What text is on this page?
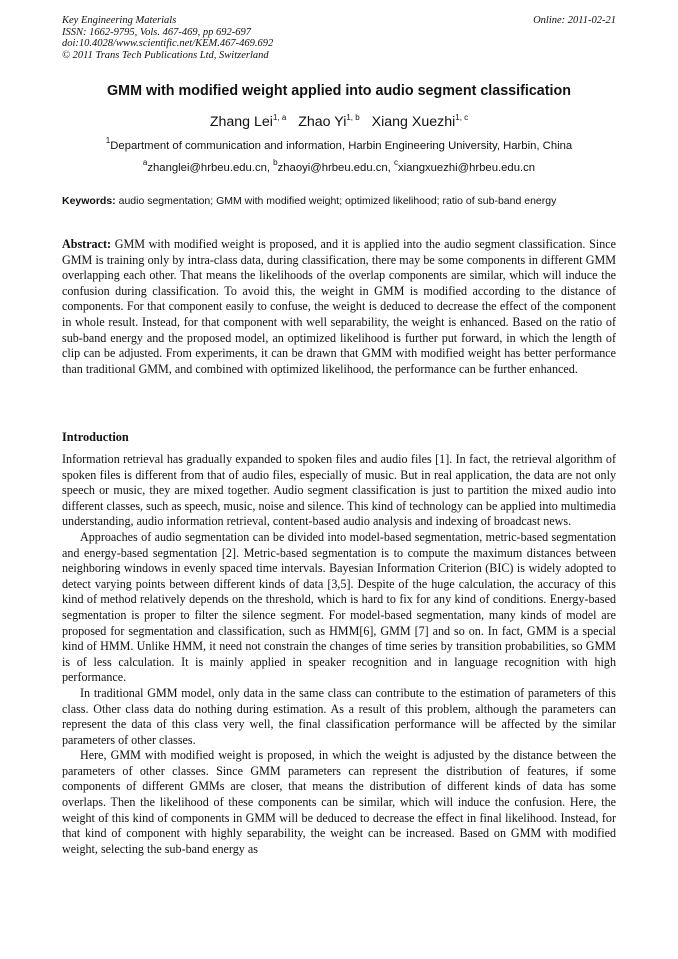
Key Engineering Materials
ISSN: 1662-9795, Vols. 467-469, pp 692-697
doi:10.4028/www.scientific.net/KEM.467-469.692
© 2011 Trans Tech Publications Ltd, Switzerland
Online: 2011-02-21
GMM with modified weight applied into audio segment classification
Zhang Lei$^{1, a}$ Zhao Yi$^{1, b}$ Xiang Xuezhi$^{1, c}$
$^1$Department of communication and information, Harbin Engineering University, Harbin, China
$^a$zhanglei@hrbeu.edu.cn, $^b$zhaoyi@hrbeu.edu.cn, $^c$xiangxuezhi@hrbeu.edu.cn
Keywords: audio segmentation; GMM with modified weight; optimized likelihood; ratio of sub-band energy
Abstract: GMM with modified weight is proposed, and it is applied into the audio segment classification. Since GMM is training only by intra-class data, during classification, there may be some components in different GMM overlapping each other. That means the likelihoods of the overlap components are similar, which will induce the confusion during classification. To avoid this, the weight in GMM is modified according to the distance of components. For that component easily to confuse, the weight is deduced to decrease the effect of the component in whole result. Instead, for that component with well separability, the weight is enhanced. Based on the ratio of sub-band energy and the proposed model, an optimized likelihood is further put forward, in which the length of clip can be adjusted. From experiments, it can be drawn that GMM with modified weight has better performance than traditional GMM, and combined with optimized likelihood, the performance can be further enhanced.
Introduction

Information retrieval has gradually expanded to spoken files and audio files [1]. In fact, the retrieval algorithm of spoken files is different from that of audio files, especially of music. But in real application, the data are not only speech or music, they are mixed together. Audio segment classification is just to partition the mixed audio into different classes, such as speech, music, noise and silence. This kind of technology can be applied into multimedia understanding, audio information retrieval, content-based audio analysis and indexing of broadcast news.

Approaches of audio segmentation can be divided into model-based segmentation, metric-based segmentation and energy-based segmentation [2]. Metric-based segmentation is to compute the maximum distances between neighboring windows in evenly spaced time intervals. Bayesian Information Criterion (BIC) is widely adopted to detect varying points between different kinds of data [3,5]. Despite of the huge calculation, the accuracy of this kind of method relatively depends on the threshold, which is hard to fix for any kind of conditions. Energy-based segmentation is proper to filter the silence segment. For model-based segmentation, many kinds of model are proposed for segmentation and classification, such as HMM[6], GMM [7] and so on. In fact, GMM is a special kind of HMM. Unlike HMM, it need not constrain the changes of time series by transition probabilities, so GMM is of less calculation. It is mainly applied in speaker recognition and in language recognition with high performance.

In traditional GMM model, only data in the same class can contribute to the estimation of parameters of this class. Other class data do nothing during estimation. As a result of this problem, although the parameters can represent the data of this class very well, the final classification performance will be affected by the similar parameters of other classes.

Here, GMM with modified weight is proposed, in which the weight is adjusted by the distance between the parameters of other classes. Since GMM parameters can represent the distribution of features, if some components of different GMMs are closer, that means the distribution of different kinds of data has some overlaps. Then the likelihood of these components can be similar, which will induce the confusion. Here, the weight of this kind of components in GMM will be deduced to decrease the effect in final likelihood. Instead, for that kind of component with highly separability, the weight can be increased. Based on GMM with modified weight, selecting the sub-band energy as
